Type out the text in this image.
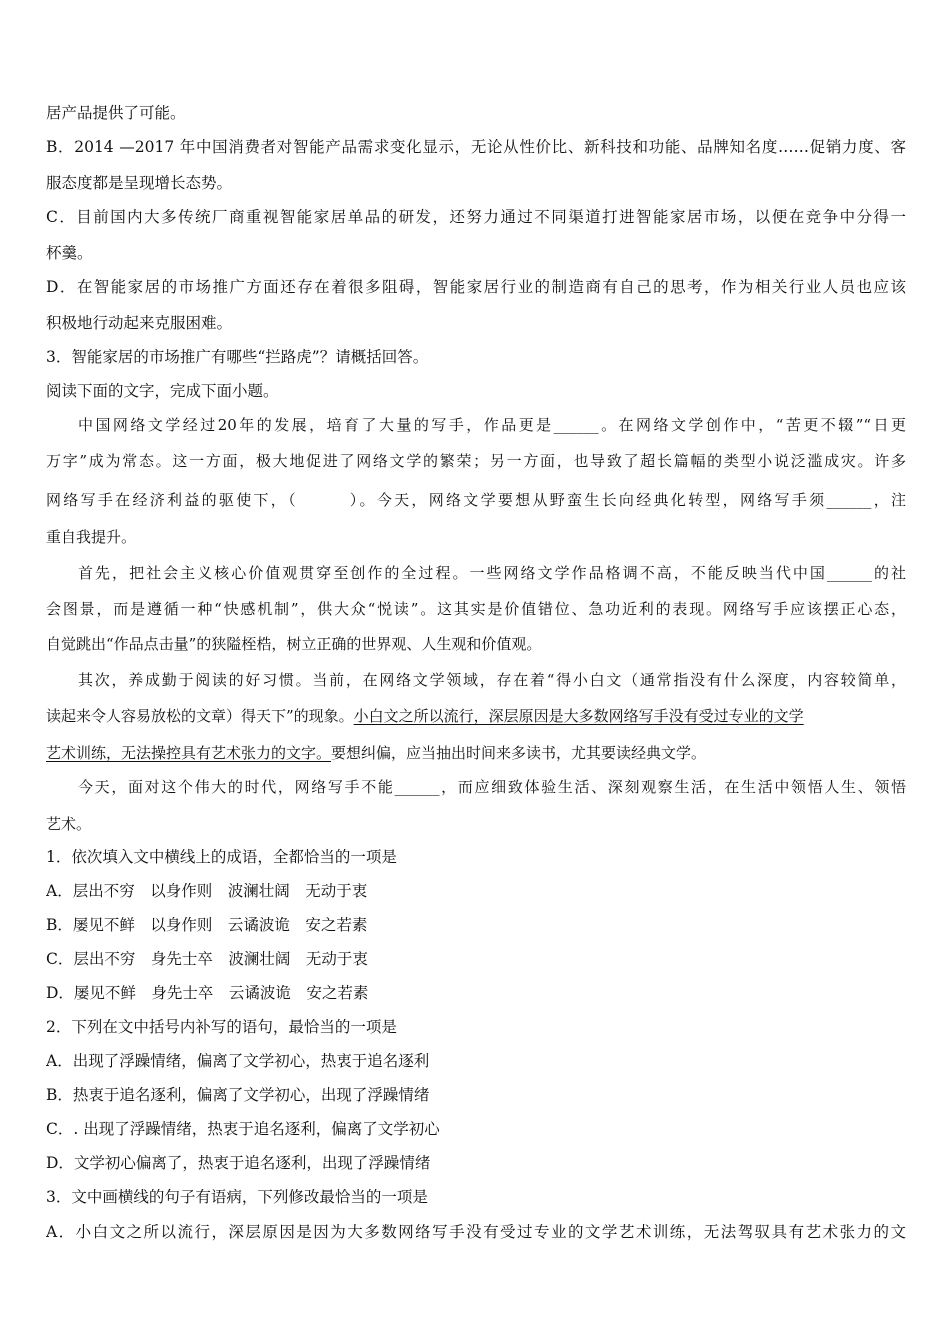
居产品提供了可能。
B．2014 —2017 年中国消费者对智能产品需求变化显示，无论从性价比、新科技和功能、品牌知名度……促销力度、客
服态度都是呈现增长态势。
C．目前国内大多传统厂商重视智能家居单品的研发，还努力通过不同渠道打进智能家居市场，以便在竞争中分得一
杯羹。
D．在智能家居的市场推广方面还存在着很多阻碍，智能家居行业的制造商有自己的思考，作为相关行业人员也应该
积极地行动起来克服困难。
3．智能家居的市场推广有哪些“拦路虎”？请概括回答。
阅读下面的文字，完成下面小题。
中国网络文学经过20年的发展，培育了大量的写手，作品更是______。在网络文学创作中，“苦更不辍”“日更
万字”成为常态。这一方面，极大地促进了网络文学的繁荣；另一方面，也导致了超长篇幅的类型小说泛滥成灾。许多
网络写手在经济利益的驱使下，（　　　）。今天，网络文学要想从野蛮生长向经典化转型，网络写手须______，注
重自我提升。
首先，把社会主义核心价值观贯穿至创作的全过程。一些网络文学作品格调不高，不能反映当代中国______的社
会图景，而是遵循一种“快感机制”，供大众“悦读”。这其实是价值错位、急功近利的表现。网络写手应该摆正心态，
自觉跳出“作品点击量”的狭隘桎梏，树立正确的世界观、人生观和价值观。
其次，养成勤于阅读的好习惯。当前，在网络文学领域，存在着“得小白文（通常指没有什么深度，内容较简单，
读起来令人容易放松的文章）得天下”的现象。小白文之所以流行，深层原因是大多数网络写手没有受过专业的文学
艺术训练，无法操控具有艺术张力的文字。要想纠偏，应当抽出时间来多读书，尤其要读经典文学。
今天，面对这个伟大的时代，网络写手不能______，而应细致体验生活、深刻观察生活，在生活中领悟人生、领悟
艺术。
1．依次填入文中横线上的成语，全都恰当的一项是
A．层出不穷　以身作则　波澜壮阔　无动于衷
B．屡见不鲜　以身作则　云谲波诡　安之若素
C．层出不穷　身先士卒　波澜壮阔　无动于衷
D．屡见不鲜　身先士卒　云谲波诡　安之若素
2．下列在文中括号内补写的语句，最恰当的一项是
A．出现了浮躁情绪，偏离了文学初心，热衷于追名逐利
B．热衷于追名逐利，偏离了文学初心，出现了浮躁情绪
C．. 出现了浮躁情绪，热衷于追名逐利，偏离了文学初心
D．文学初心偏离了，热衷于追名逐利，出现了浮躁情绪
3．文中画横线的句子有语病，下列修改最恰当的一项是
A．小白文之所以流行，深层原因是因为大多数网络写手没有受过专业的文学艺术训练，无法驾驭具有艺术张力的文
